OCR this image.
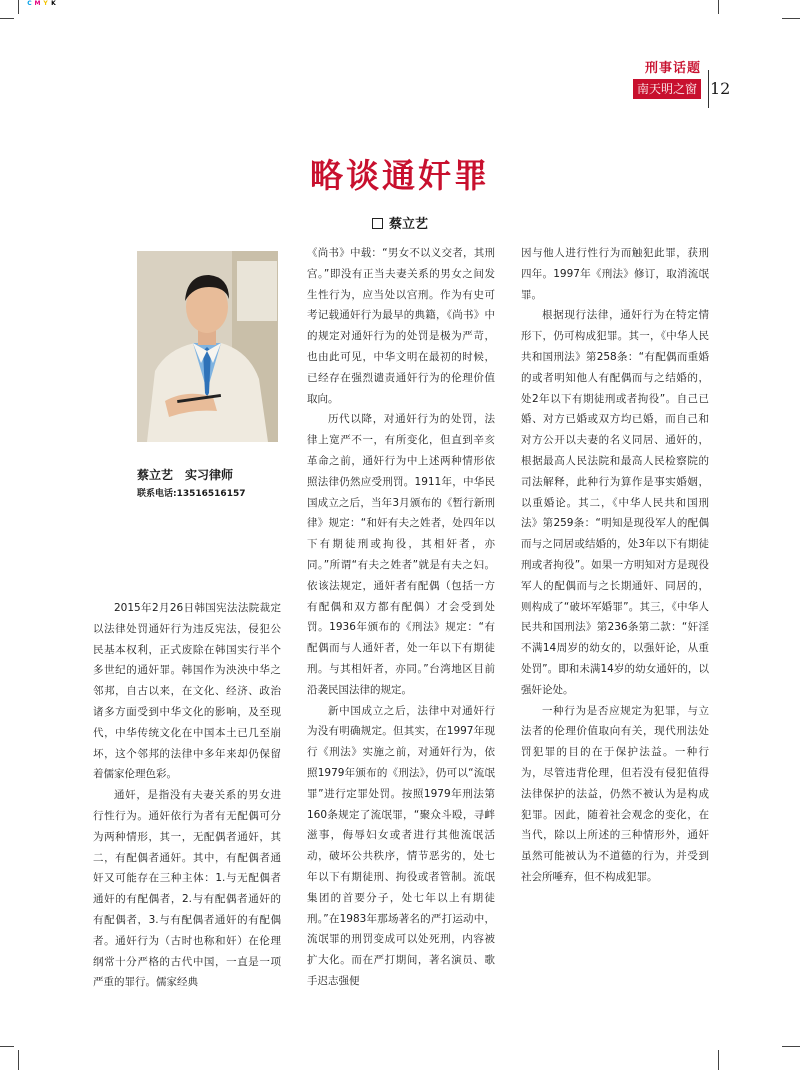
C M Y K
刑事话题
南天明之窗 12
略谈通奸罪
蔡立艺
蔡立艺　实习律师
联系电话:13516516157

2015年2月26日韩国宪法法院裁定以法律处罚通奸行为违反宪法，侵犯公民基本权利，正式废除在韩国实行半个多世纪的通奸罪。韩国作为泱泱中华之邻邦，自古以来，在文化、经济、政治诸多方面受到中华文化的影响，及至现代，中华传统文化在中国本土已几至崩坏，这个邻邦的法律中多年来却仍保留着儒家伦理色彩。

通奸，是指没有夫妻关系的男女进行性行为。通奸依行为者有无配偶可分为两种情形，其一，无配偶者通奸，其二，有配偶者通奸。其中，有配偶者通奸又可能存在三种主体：1.与无配偶者通奸的有配偶者，2.与有配偶者通奸的有配偶者，3.与有配偶者通奸的有配偶者。通奸行为（古时也称和奸）在伦理纲常十分严格的古代中国，一直是一项严重的罪行。儒家经典

《尚书》中载：“男女不以义交者，其刑宫。”即没有正当夫妻关系的男女之间发生性行为，应当处以宫刑。作为有史可考记载通奸行为最早的典籍，《尚书》中的规定对通奸行为的处罚是极为严苛，也由此可见，中华文明在最初的时候，已经存在强烈谴责通奸行为的伦理价值取向。

历代以降，对通奸行为的处罚，法律上宽严不一，有所变化，但直到辛亥革命之前，通奸行为中上述两种情形依照法律仍然应受刑罚。1911年，中华民国成立之后，当年3月颁布的《暂行新刑律》规定：“和奸有夫之姓者，处四年以下有期徒刑或拘役，其相奸者，亦同。”所谓“有夫之姓者”就是有夫之妇。依该法规定，通奸者有配偶（包括一方有配偶和双方都有配偶）才会受到处罚。1936年颁布的《刑法》规定：“有配偶而与人通奸者，处一年以下有期徒刑。与其相奸者，亦同。”台湾地区目前沿袭民国法律的规定。

新中国成立之后，法律中对通奸行为没有明确规定。但其实，在1997年现行《刑法》实施之前，对通奸行为，依照1979年颁布的《刑法》，仍可以“流氓罪”进行定罪处罚。按照1979年刑法第160条规定了流氓罪，“聚众斗殴，寻衅滋事，侮辱妇女或者进行其他流氓活动，破坏公共秩序，情节恶劣的，处七年以下有期徒刑、拘役或者管制。流氓集团的首要分子，处七年以上有期徒刑。”在1983年那场著名的严打运动中，流氓罪的刑罚变成可以处死刑，内容被扩大化。而在严打期间，著名演员、歌手迟志强便

因与他人进行性行为而触犯此罪，获刑四年。1997年《刑法》修订，取消流氓罪。

根据现行法律，通奸行为在特定情形下，仍可构成犯罪。其一，《中华人民共和国刑法》第258条：“有配偶而重婚的或者明知他人有配偶而与之结婚的，处2年以下有期徒刑或者拘役”。自己已婚、对方已婚或双方均已婚，而自己和对方公开以夫妻的名义同居、通奸的，根据最高人民法院和最高人民检察院的司法解释，此种行为算作是事实婚姻，以重婚论。其二，《中华人民共和国刑法》第259条：“明知是现役军人的配偶而与之同居或结婚的，处3年以下有期徒刑或者拘役”。如果一方明知对方是现役军人的配偶而与之长期通奸、同居的，则构成了“破坏军婚罪”。其三，《中华人民共和国刑法》第236条第二款：“奸淫不满14周岁的幼女的，以强奸论，从重处罚”。即和未满14岁的幼女通奸的，以强奸论处。

一种行为是否应规定为犯罪，与立法者的伦理价值取向有关，现代刑法处罚犯罪的目的在于保护法益。一种行为，尽管违背伦理，但若没有侵犯值得法律保护的法益，仍然不被认为是构成犯罪。因此，随着社会观念的变化，在当代，除以上所述的三种情形外，通奸虽然可能被认为不道德的行为，并受到社会所唾弃，但不构成犯罪。
